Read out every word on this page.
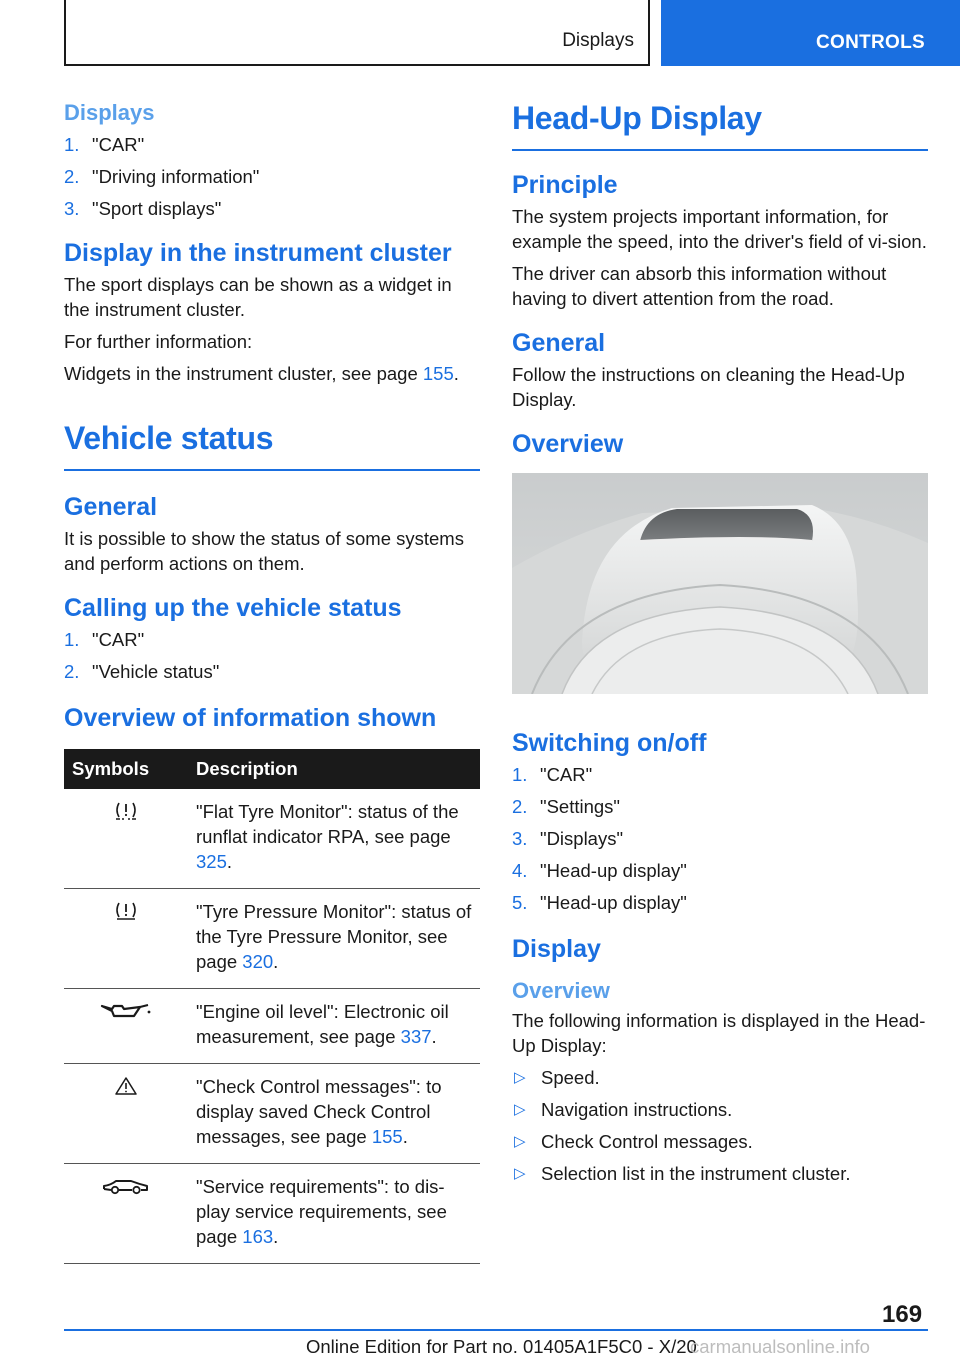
Displays	CONTROLS
Displays
1. "CAR"
2. "Driving information"
3. "Sport displays"
Display in the instrument cluster

The sport displays can be shown as a widget in the instrument cluster.

For further information:

Widgets in the instrument cluster, see page 155.

Vehicle status
General

It is possible to show the status of some systems and perform actions on them.

Calling up the vehicle status
1. "CAR"
2. "Vehicle status"
Overview of information shown
Symbols	Description
	"Flat Tyre Monitor": status of the runflat indicator RPA, see page 325.
	"Tyre Pressure Monitor": status of the Tyre Pressure Monitor, see page 320.
	"Engine oil level": Electronic oil measurement, see page 337.
	"Check Control messages": to display saved Check Control messages, see page 155.
	"Service requirements": to dis-play service requirements, see page 163.
Head-Up Display
Principle

The system projects important information, for example the speed, into the driver's field of vi-sion.

The driver can absorb this information without having to divert attention from the road.

General

Follow the instructions on cleaning the Head-Up Display.

Overview
Switching on/off
1. "CAR"
2. "Settings"
3. "Displays"
4. "Head-up display"
5. "Head-up display"
Display
Overview

The following information is displayed in the Head-Up Display:

▷ Speed.
▷ Navigation instructions.
▷ Check Control messages.
▷ Selection list in the instrument cluster.
169
Online Edition for Part no. 01405A1F5C0 - X/20
carmanualsonline.info
